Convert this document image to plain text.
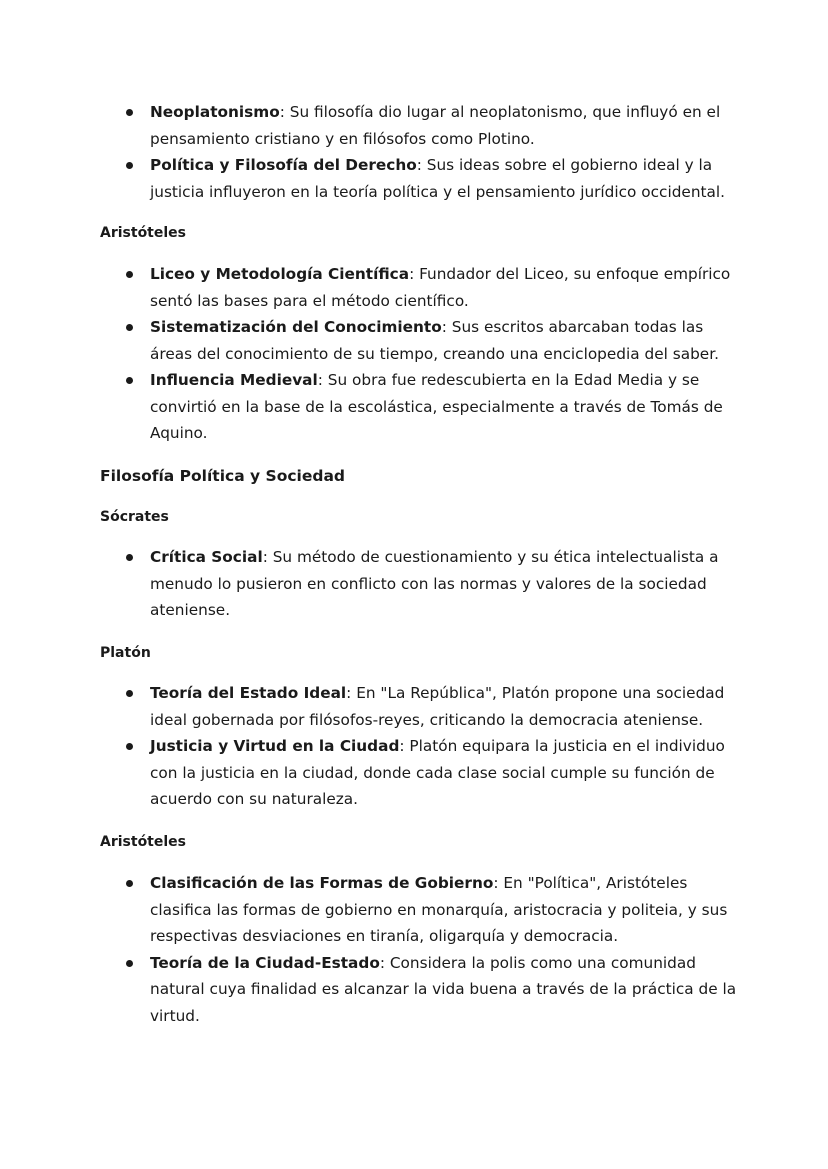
Neoplatonismo: Su filosofía dio lugar al neoplatonismo, que influyó en el pensamiento cristiano y en filósofos como Plotino.
Política y Filosofía del Derecho: Sus ideas sobre el gobierno ideal y la justicia influyeron en la teoría política y el pensamiento jurídico occidental.
Aristóteles
Liceo y Metodología Científica: Fundador del Liceo, su enfoque empírico sentó las bases para el método científico.
Sistematización del Conocimiento: Sus escritos abarcaban todas las áreas del conocimiento de su tiempo, creando una enciclopedia del saber.
Influencia Medieval: Su obra fue redescubierta en la Edad Media y se convirtió en la base de la escolástica, especialmente a través de Tomás de Aquino.
Filosofía Política y Sociedad
Sócrates
Crítica Social: Su método de cuestionamiento y su ética intelectualista a menudo lo pusieron en conflicto con las normas y valores de la sociedad ateniense.
Platón
Teoría del Estado Ideal: En "La República", Platón propone una sociedad ideal gobernada por filósofos-reyes, criticando la democracia ateniense.
Justicia y Virtud en la Ciudad: Platón equipara la justicia en el individuo con la justicia en la ciudad, donde cada clase social cumple su función de acuerdo con su naturaleza.
Aristóteles
Clasificación de las Formas de Gobierno: En "Política", Aristóteles clasifica las formas de gobierno en monarquía, aristocracia y politeia, y sus respectivas desviaciones en tiranía, oligarquía y democracia.
Teoría de la Ciudad-Estado: Considera la polis como una comunidad natural cuya finalidad es alcanzar la vida buena a través de la práctica de la virtud.
